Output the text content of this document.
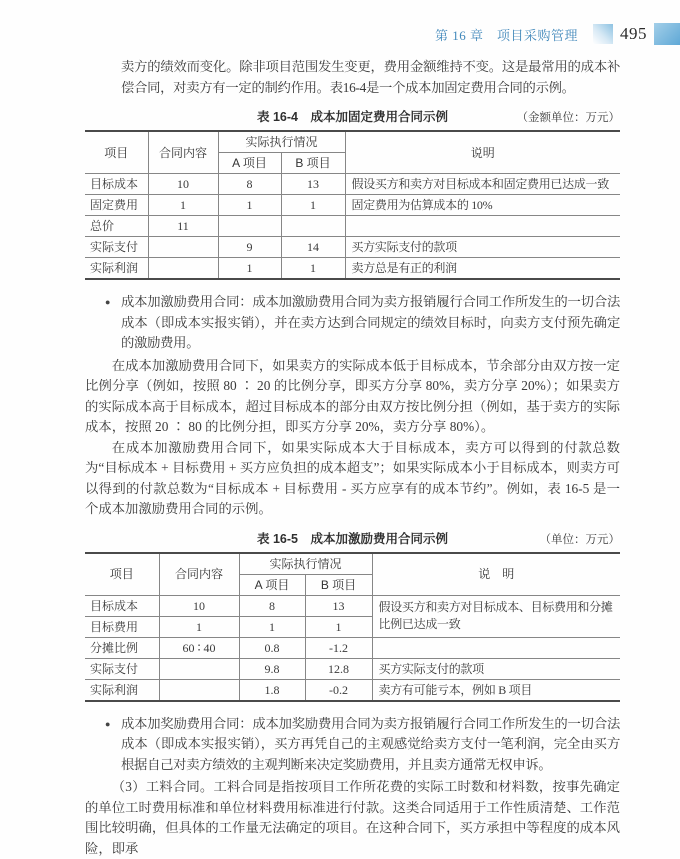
第 16 章　项目采购管理 495

卖方的绩效而变化。除非项目范围发生变更，费用金额维持不变。这是最常用的成本补偿合同，对卖方有一定的制约作用。表16-4是一个成本加固定费用合同的示例。

表 16-4　成本加固定费用合同示例	（金额单位：万元）
项目	合同内容	实际执行情况		说明
		A 项目	B 项目	
目标成本	10	8	13	假设买方和卖方对目标成本和固定费用已达成一致
固定费用	1	1	1	固定费用为估算成本的 10%
总价	11			
实际支付		9	14	买方实际支付的款项
实际利润		1	1	卖方总是有正的利润
● 成本加激励费用合同：成本加激励费用合同为卖方报销履行合同工作所发生的一切合法成本（即成本实报实销），并在卖方达到合同规定的绩效目标时，向卖方支付预先确定的激励费用。

在成本加激励费用合同下，如果卖方的实际成本低于目标成本，节余部分由双方按一定比例分享（例如，按照 80 ∶ 20 的比例分享，即买方分享 80%，卖方分享 20%）；如果卖方的实际成本高于目标成本，超过目标成本的部分由双方按比例分担（例如，基于卖方的实际成本，按照 20 ∶ 80 的比例分担，即买方分享 20%，卖方分享 80%）。

在成本加激励费用合同下，如果实际成本大于目标成本，卖方可以得到的付款总数为“目标成本 + 目标费用 + 买方应负担的成本超支”；如果实际成本小于目标成本，则卖方可以得到的付款总数为“目标成本 + 目标费用 - 买方应享有的成本节约”。例如，表 16-5 是一个成本加激励费用合同的示例。

表 16-5　成本加激励费用合同示例	（单位：万元）
项目	合同内容	实际执行情况		说　明
		A 项目	B 项目	
目标成本	10	8	13	假设买方和卖方对目标成本、目标费用和分摊比例已达成一致
目标费用	1	1	1	
分摊比例	60 ∶ 40	0.8	-1.2	
实际支付		9.8	12.8	买方实际支付的款项
实际利润		1.8	-0.2	卖方有可能亏本，例如 B 项目
● 成本加奖励费用合同：成本加奖励费用合同为卖方报销履行合同工作所发生的一切合法成本（即成本实报实销），买方再凭自己的主观感觉给卖方支付一笔利润，完全由买方根据自己对卖方绩效的主观判断来决定奖励费用，并且卖方通常无权申诉。

（3）工料合同。工料合同是指按项目工作所花费的实际工时数和材料数，按事先确定的单位工时费用标准和单位材料费用标准进行付款。这类合同适用于工作性质清楚、工作范围比较明确，但具体的工作量无法确定的项目。在这种合同下，买方承担中等程度的成本风险，即承
